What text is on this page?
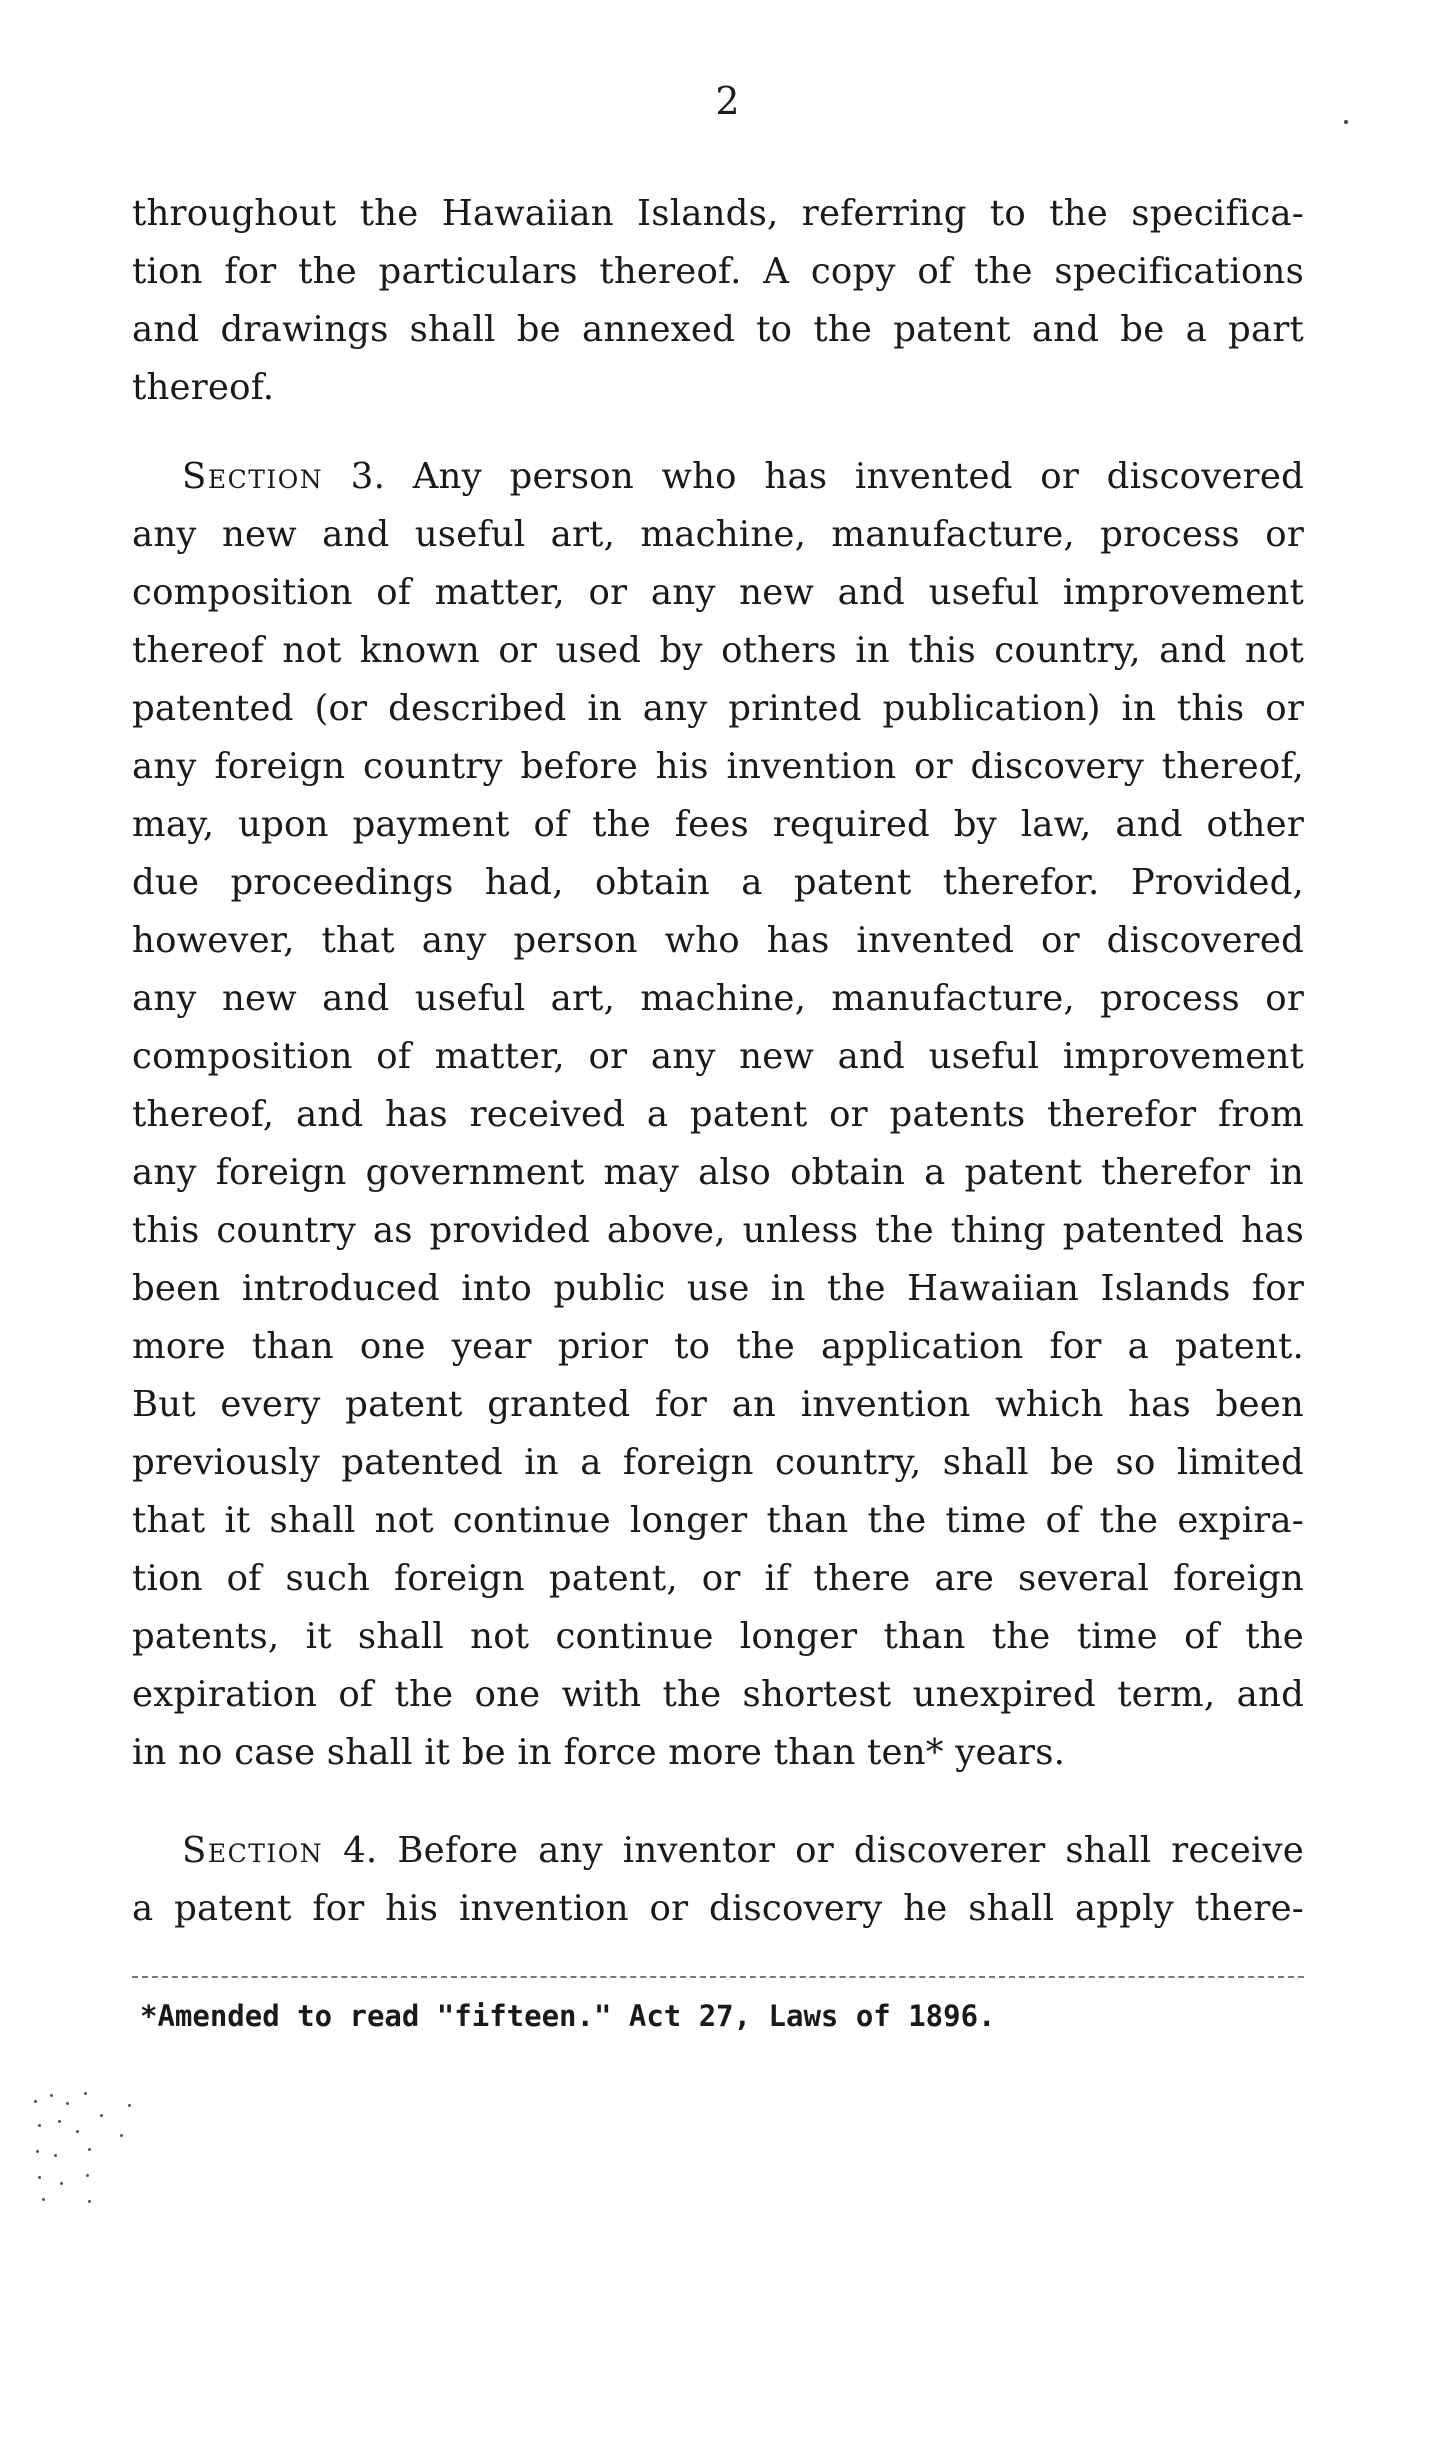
2
throughout the Hawaiian Islands, referring to the specifica-
tion for the particulars thereof. A copy of the specifications
and drawings shall be annexed to the patent and be a part
thereof.
Section 3. Any person who has invented or discovered
any new and useful art, machine, manufacture, process or
composition of matter, or any new and useful improvement
thereof not known or used by others in this country, and not
patented (or described in any printed publication) in this or
any foreign country before his invention or discovery thereof,
may, upon payment of the fees required by law, and other
due proceedings had, obtain a patent therefor. Provided,
however, that any person who has invented or discovered
any new and useful art, machine, manufacture, process or
composition of matter, or any new and useful improvement
thereof, and has received a patent or patents therefor from
any foreign government may also obtain a patent therefor in
this country as provided above, unless the thing patented has
been introduced into public use in the Hawaiian Islands for
more than one year prior to the application for a patent.
But every patent granted for an invention which has been
previously patented in a foreign country, shall be so limited
that it shall not continue longer than the time of the expira-
tion of such foreign patent, or if there are several foreign
patents, it shall not continue longer than the time of the
expiration of the one with the shortest unexpired term, and
in no case shall it be in force more than ten* years.
Section 4. Before any inventor or discoverer shall receive
a patent for his invention or discovery he shall apply there-
*Amended to read "fifteen." Act 27, Laws of 1896.
